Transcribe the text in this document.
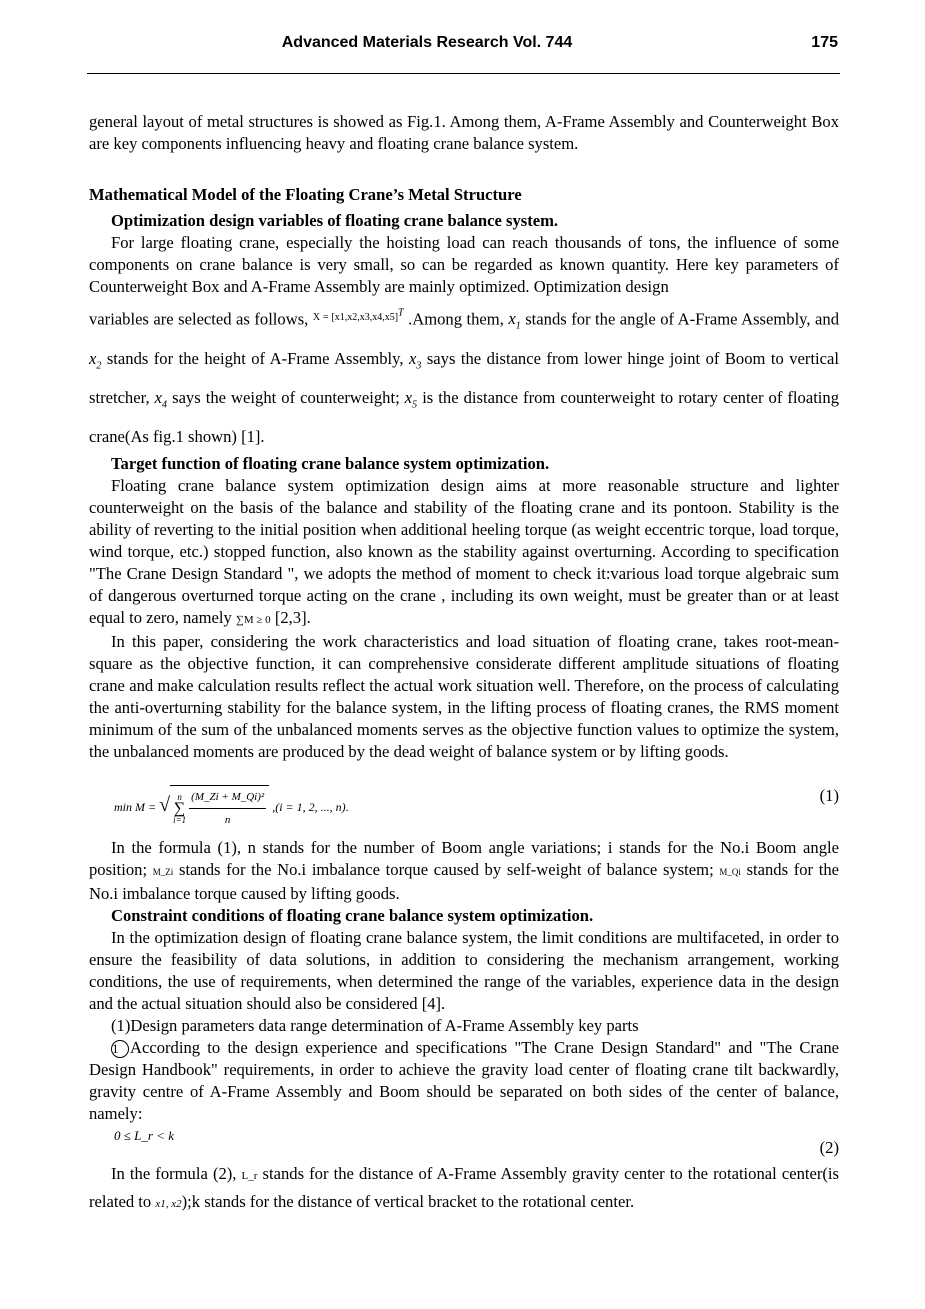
Advanced Materials Research Vol. 744	175

general layout of metal structures is showed as Fig.1. Among them, A-Frame Assembly and Counterweight Box are key components influencing heavy and floating crane balance system.

Mathematical Model of the Floating Crane’s Metal Structure

Optimization design variables of floating crane balance system.

For large floating crane, especially the hoisting load can reach thousands of tons, the influence of some components on crane balance is very small, so can be regarded as known quantity. Here key parameters of Counterweight Box and A-Frame Assembly are mainly optimized. Optimization design

variables are selected as follows, $^{X = [x1,x2,x3,x4,x5]^T}$ .Among them, $x_1$ stands for the angle of A-Frame Assembly, and $x_2$ stands for the height of A-Frame Assembly, $x_3$ says the distance from lower hinge joint of Boom to vertical stretcher, $x_4$ says the weight of counterweight; $x_5$ is the distance from counterweight to rotary center of floating crane(As fig.1 shown) [1].

Target function of floating crane balance system optimization.

Floating crane balance system optimization design aims at more reasonable structure and lighter counterweight on the basis of the balance and stability of the floating crane and its pontoon. Stability is the ability of reverting to the initial position when additional heeling torque (as weight eccentric torque, load torque, wind torque, etc.) stopped function, also known as the stability against overturning. According to specification "The Crane Design Standard ", we adopts the method of moment to check it:various load torque algebraic sum of dangerous overturned torque acting on the crane , including its own weight, must be greater than or at least equal to zero, namely ∑M ≥ 0 [2,3].

In this paper, considering the work characteristics and load situation of floating crane, takes root-mean-square as the objective function, it can comprehensive considerate different amplitude situations of floating crane and make calculation results reflect the actual work situation well. Therefore, on the process of calculating the anti-overturning stability for the balance system, in the lifting process of floating cranes, the RMS moment minimum of the sum of the unbalanced moments serves as the objective function values to optimize the system, the unbalanced moments are produced by the dead weight of balance system or by lifting goods.

min M = √ n
∑
$i=1 \frac{\text{(M\_Zi + M\_Qi)²}}{n} ,(i = 1$, 2, ..., n).
(1)

In the formula (1), n stands for the number of Boom angle variations; i stands for the No.i Boom angle position; M_Zi stands for the No.i imbalance torque caused by self-weight of balance system; M_Qi stands for the No.i imbalance torque caused by lifting goods.

Constraint conditions of floating crane balance system optimization.

In the optimization design of floating crane balance system, the limit conditions are multifaceted, in order to ensure the feasibility of data solutions, in addition to considering the mechanism arrangement, working conditions, the use of requirements, when determined the range of the variables, experience data in the design and the actual situation should also be considered [4].

(1)Design parameters data range determination of A-Frame Assembly key parts

1 According to the design experience and specifications "The Crane Design Standard" and "The Crane Design Handbook" requirements, in order to achieve the gravity load center of floating crane tilt backwardly, gravity centre of A-Frame Assembly and Boom should be separated on both sides of the center of balance, namely:

0 ≤ L_r < k
(2)

In the formula (2), L_r stands for the distance of A-Frame Assembly gravity center to the rotational center(is related to x1, x2);k stands for the distance of vertical bracket to the rotational center.
